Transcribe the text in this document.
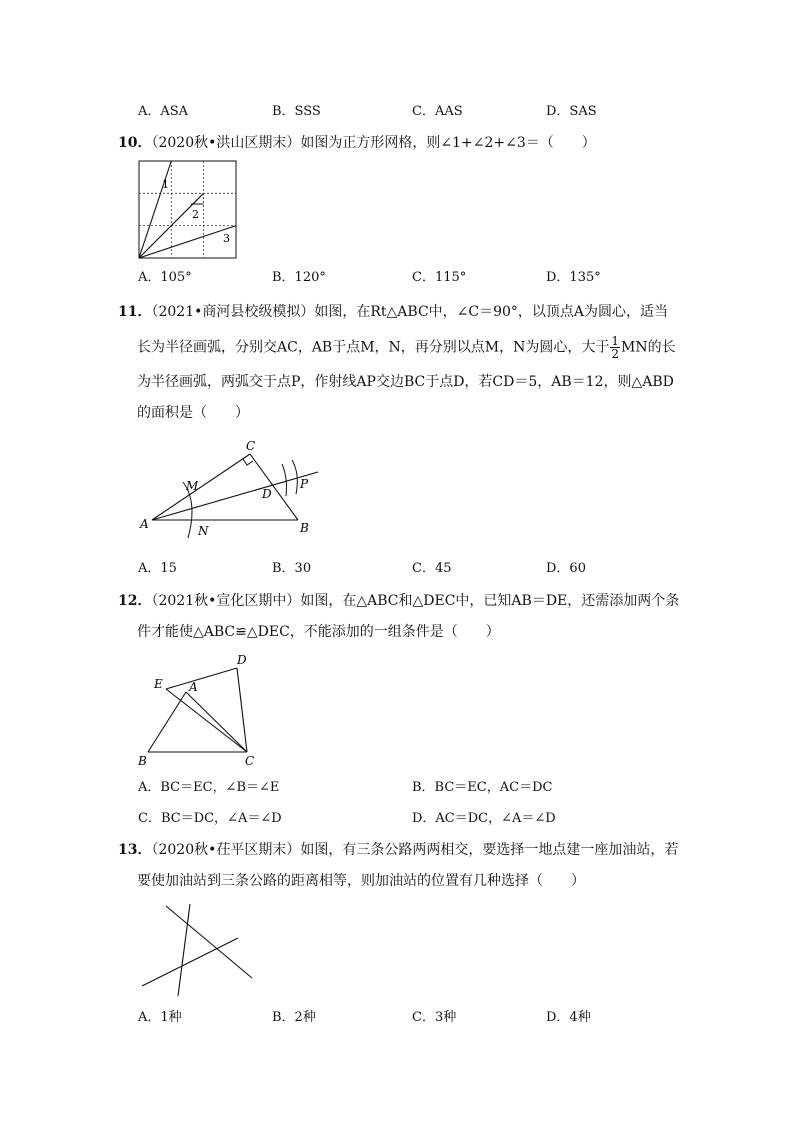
A．ASA	B．SSS	C．AAS	D．SAS
10．（2020秋•洪山区期末）如图为正方形网格，则∠1+∠2+∠3＝（　　）
1
2
3
A．105°	B．120°	C．115°	D．135°
11．（2021•商河县校级模拟）如图，在Rt△ABC中，∠C＝90°，以顶点A为圆心，适当
长为半径画弧，分别交AC，AB于点M，N，再分别以点M，N为圆心，大于 $\frac{1}{2}$ MN的长
为半径画弧，两弧交于点P，作射线AP交边BC于点D，若CD＝5，AB＝12，则△ABD
的面积是（　　）
A	B
C
D
M
N
P
A．15	B．30	C．45	D．60
12．（2021秋•宣化区期中）如图，在△ABC和△DEC中，已知AB＝DE，还需添加两个条
件才能使△ABC≌△DEC，不能添加的一组条件是（　　）
E A
D
B	C
A．BC＝EC，∠B＝∠E	B．BC＝EC，AC＝DC
C．BC＝DC，∠A＝∠D	D．AC＝DC，∠A＝∠D
13．（2020秋•茌平区期末）如图，有三条公路两两相交，要选择一地点建一座加油站，若
要使加油站到三条公路的距离相等，则加油站的位置有几种选择（　　）
A．1种	B．2种	C．3种	D．4种
